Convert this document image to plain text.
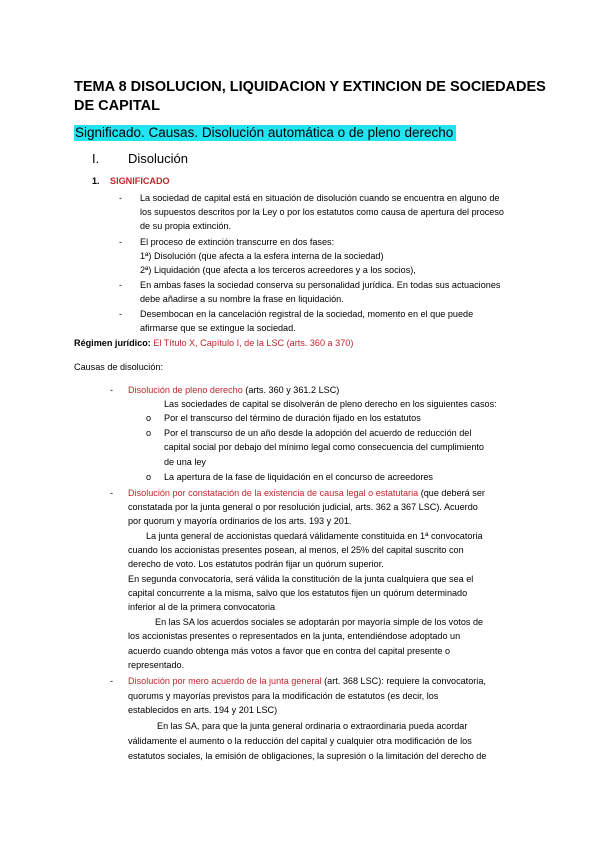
TEMA 8 DISOLUCION, LIQUIDACION Y EXTINCION DE SOCIEDADES
DE CAPITAL
Significado. Causas. Disolución automática o de pleno derecho
I. Disolución
1. SIGNIFICADO
-
-
-
-
La sociedad de capital está en situación de disolución cuando se encuentra en alguno de
los supuestos descritos por la Ley o por los estatutos como causa de apertura del proceso
de su propia extinción.
El proceso de extinción transcurre en dos fases:
1ª) Disolución (que afecta a la esfera interna de la sociedad)
2ª) Liquidación (que afecta a los terceros acreedores y a los socios),
En ambas fases la sociedad conserva su personalidad jurídica. En todas sus actuaciones
debe añadirse a su nombre la frase en liquidación.
Desembocan en la cancelación registral de la sociedad, momento en el que puede
afirmarse que se extingue la sociedad.
Régimen jurídico: El Título X, Capítulo I, de la LSC (arts. 360 a 370)
Causas de disolución:
- Disolución de pleno derecho (arts. 360 y 361.2 LSC)
Las sociedades de capital se disolverán de pleno derecho en los siguientes casos:
o
o
o
Por el transcurso del término de duración fijado en los estatutos
Por el transcurso de un año desde la adopción del acuerdo de reducción del
capital social por debajo del mínimo legal como consecuencia del cumplimiento
de una ley
La apertura de la fase de liquidación en el concurso de acreedores
- Disolución por constatación de la existencia de causa legal o estatutaria (que deberá ser
constatada por la junta general o por resolución judicial, arts. 362 a 367 LSC). Acuerdo
por quorum y mayoría ordinarios de los arts. 193 y 201.
La junta general de accionistas quedará válidamente constituida en 1ª convocatoria
cuando los accionistas presentes posean, al menos, el 25% del capital suscrito con
derecho de voto. Los estatutos podrán fijar un quórum superior.
En segunda convocatoria, será válida la constitución de la junta cualquiera que sea el
capital concurrente a la misma, salvo que los estatutos fijen un quórum determinado
inferior al de la primera convocatoria
En las SA los acuerdos sociales se adoptarán por mayoría simple de los votos de
los accionistas presentes o representados en la junta, entendiéndose adoptado un
acuerdo cuando obtenga más votos a favor que en contra del capital presente o
representado.
- Disolución por mero acuerdo de la junta general (art. 368 LSC): requiere la convocatoria,
quorums y mayorías previstos para la modificación de estatutos (es decir, los
establecidos en arts. 194 y 201 LSC)
En las SA, para que la junta general ordinaria o extraordinaria pueda acordar
válidamente el aumento o la reducción del capital y cualquier otra modificación de los
estatutos sociales, la emisión de obligaciones, la supresión o la limitación del derecho de
